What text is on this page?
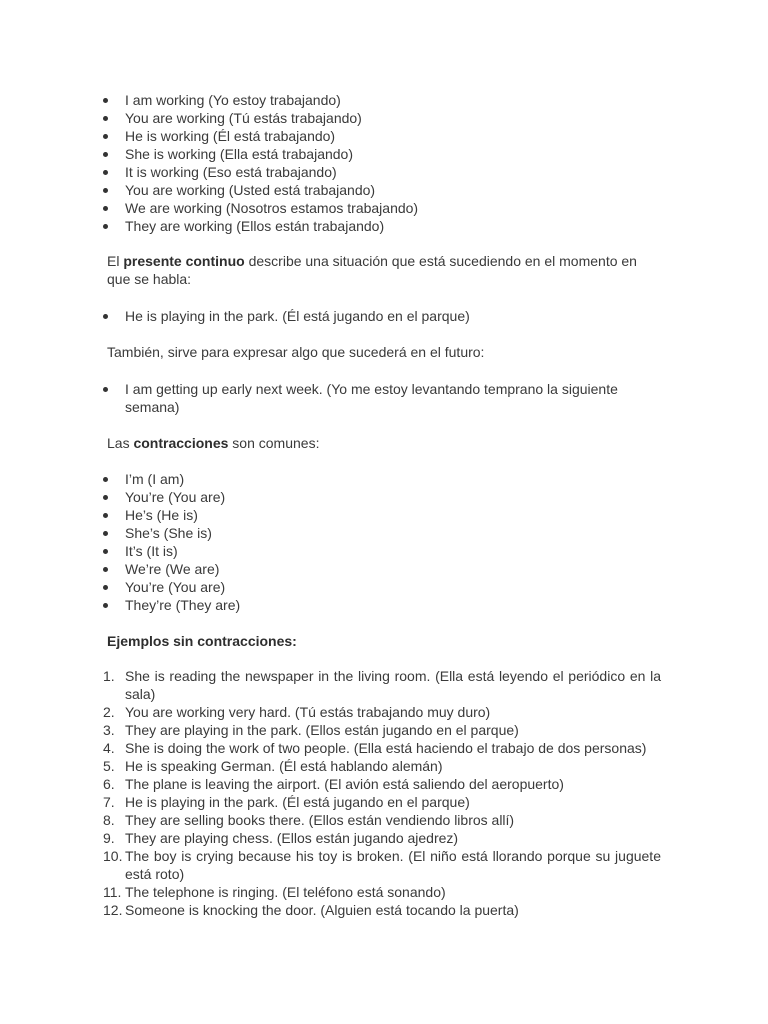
I am working (Yo estoy trabajando)
You are working (Tú estás trabajando)
He is working (Él está trabajando)
She is working (Ella está trabajando)
It is working (Eso está trabajando)
You are working (Usted está trabajando)
We are working (Nosotros estamos trabajando)
They are working (Ellos están trabajando)

El presente continuo describe una situación que está sucediendo en el momento en que se habla:

He is playing in the park. (Él está jugando en el parque)

También, sirve para expresar algo que sucederá en el futuro:

I am getting up early next week. (Yo me estoy levantando temprano la siguiente semana)

Las contracciones son comunes:

I’m (I am)
You’re (You are)
He’s (He is)
She’s (She is)
It’s (It is)
We’re (We are)
You’re (You are)
They’re (They are)

Ejemplos sin contracciones:

1. She is reading the newspaper in the living room. (Ella está leyendo el periódico en la sala)
2. You are working very hard. (Tú estás trabajando muy duro)
3. They are playing in the park. (Ellos están jugando en el parque)
4. She is doing the work of two people. (Ella está haciendo el trabajo de dos personas)
5. He is speaking German. (Él está hablando alemán)
6. The plane is leaving the airport. (El avión está saliendo del aeropuerto)
7. He is playing in the park. (Él está jugando en el parque)
8. They are selling books there. (Ellos están vendiendo libros allí)
9. They are playing chess. (Ellos están jugando ajedrez)
10. The boy is crying because his toy is broken. (El niño está llorando porque su juguete está roto)
11. The telephone is ringing. (El teléfono está sonando)
12. Someone is knocking the door. (Alguien está tocando la puerta)
